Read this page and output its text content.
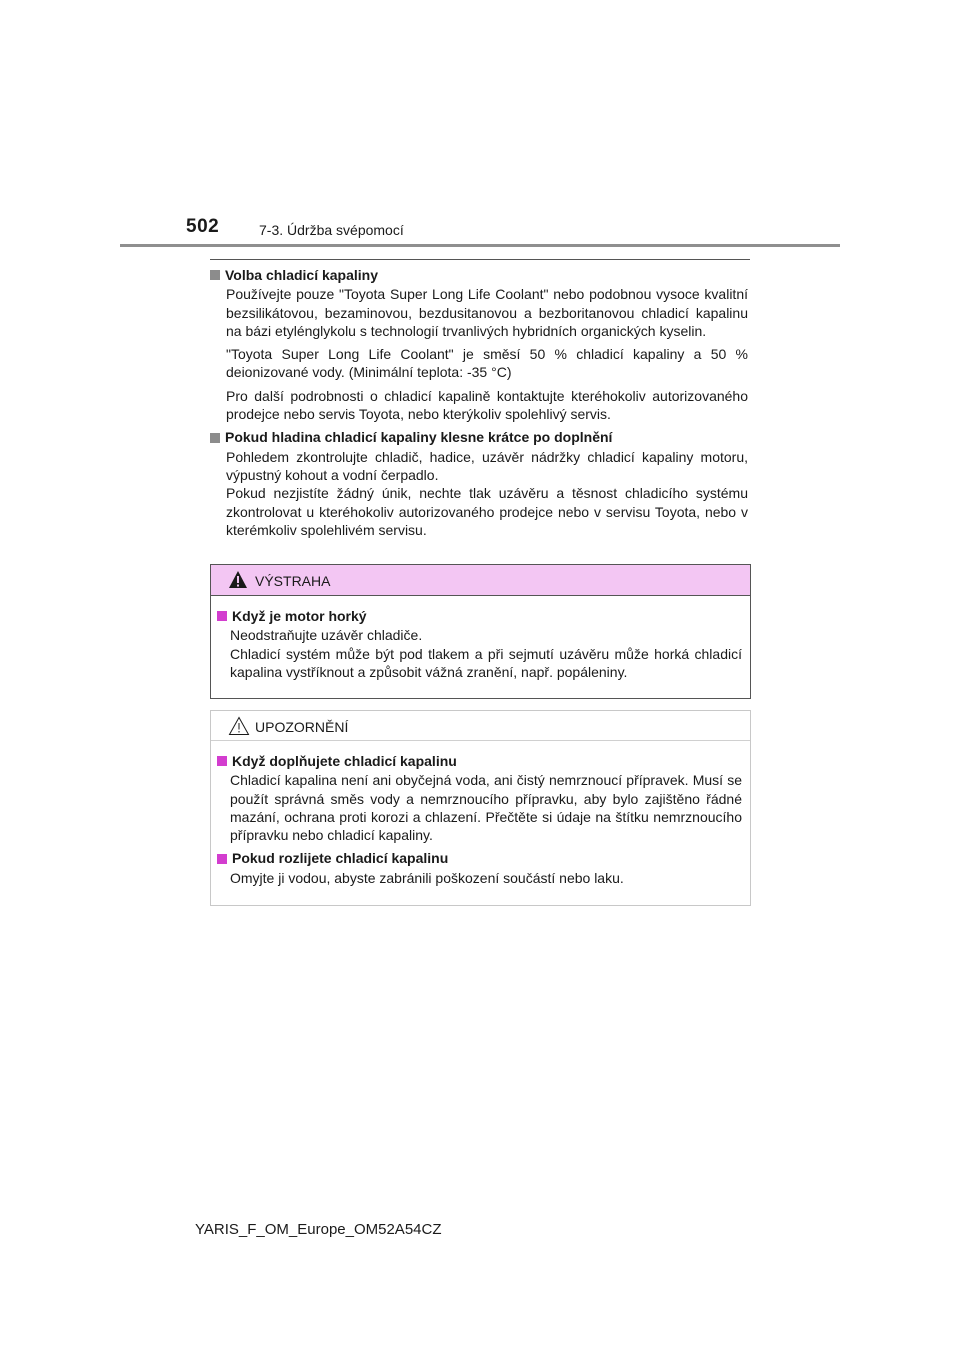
502	7-3. Údržba svépomocí
Volba chladicí kapaliny
Používejte pouze "Toyota Super Long Life Coolant" nebo podobnou vysoce kvalitní bezsilikátovou, bezaminovou, bezdusitanovou a bezboritanovou chladicí kapalinu na bázi etylénglykolu s technologií trvanlivých hybridních organických kyselin.
"Toyota Super Long Life Coolant" je směsí 50 % chladicí kapaliny a 50 % deionizované vody. (Minimální teplota: -35 °C)
Pro další podrobnosti o chladicí kapalině kontaktujte kteréhokoliv autorizovaného prodejce nebo servis Toyota, nebo kterýkoliv spolehlivý servis.
Pokud hladina chladicí kapaliny klesne krátce po doplnění
Pohledem zkontrolujte chladič, hadice, uzávěr nádržky chladicí kapaliny motoru, výpustný kohout a vodní čerpadlo.
Pokud nezjistíte žádný únik, nechte tlak uzávěru a těsnost chladicího systému zkontrolovat u kteréhokoliv autorizovaného prodejce nebo v servisu Toyota, nebo v kterémkoliv spolehlivém servisu.
VÝSTRAHA
Když je motor horký
Neodstraňujte uzávěr chladiče.
Chladicí systém může být pod tlakem a při sejmutí uzávěru může horká chladicí kapalina vystříknout a způsobit vážná zranění, např. popáleniny.
UPOZORNĚNÍ
Když doplňujete chladicí kapalinu
Chladicí kapalina není ani obyčejná voda, ani čistý nemrznoucí přípravek. Musí se použít správná směs vody a nemrznoucího přípravku, aby bylo zajištěno řádné mazání, ochrana proti korozi a chlazení. Přečtěte si údaje na štítku nemrznoucího přípravku nebo chladicí kapaliny.
Pokud rozlijete chladicí kapalinu
Omyjte ji vodou, abyste zabránili poškození součástí nebo laku.
YARIS_F_OM_Europe_OM52A54CZ
